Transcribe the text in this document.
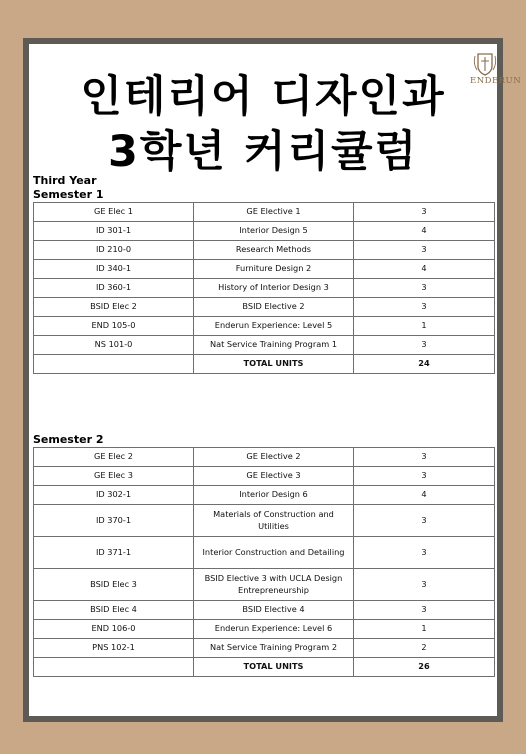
인테리어 디자인과
3학년 커리큘럼
ENDERUN
Third Year
Semester 1
GE Elec 1	GE Elective 1	3
ID 301-1	Interior Design 5	4
ID 210-0	Research Methods	3
ID 340-1	Furniture Design 2	4
ID 360-1	History of Interior Design 3	3
BSID Elec 2	BSID Elective 2	3
END 105-0	Enderun Experience: Level 5	1
NS 101-0	Nat Service Training Program 1	3
	TOTAL UNITS	24
Semester 2
GE Elec 2	GE Elective 2	3
GE Elec 3	GE Elective 3	3
ID 302-1	Interior Design 6	4
ID 370-1	Materials of Construction and Utilities	3
ID 371-1	Interior Construction and Detailing	3
BSID Elec 3	BSID Elective 3 with UCLA Design Entrepreneurship	3
BSID Elec 4	BSID Elective 4	3
END 106-0	Enderun Experience: Level 6	1
PNS 102-1	Nat Service Training Program 2	2
	TOTAL UNITS	26
